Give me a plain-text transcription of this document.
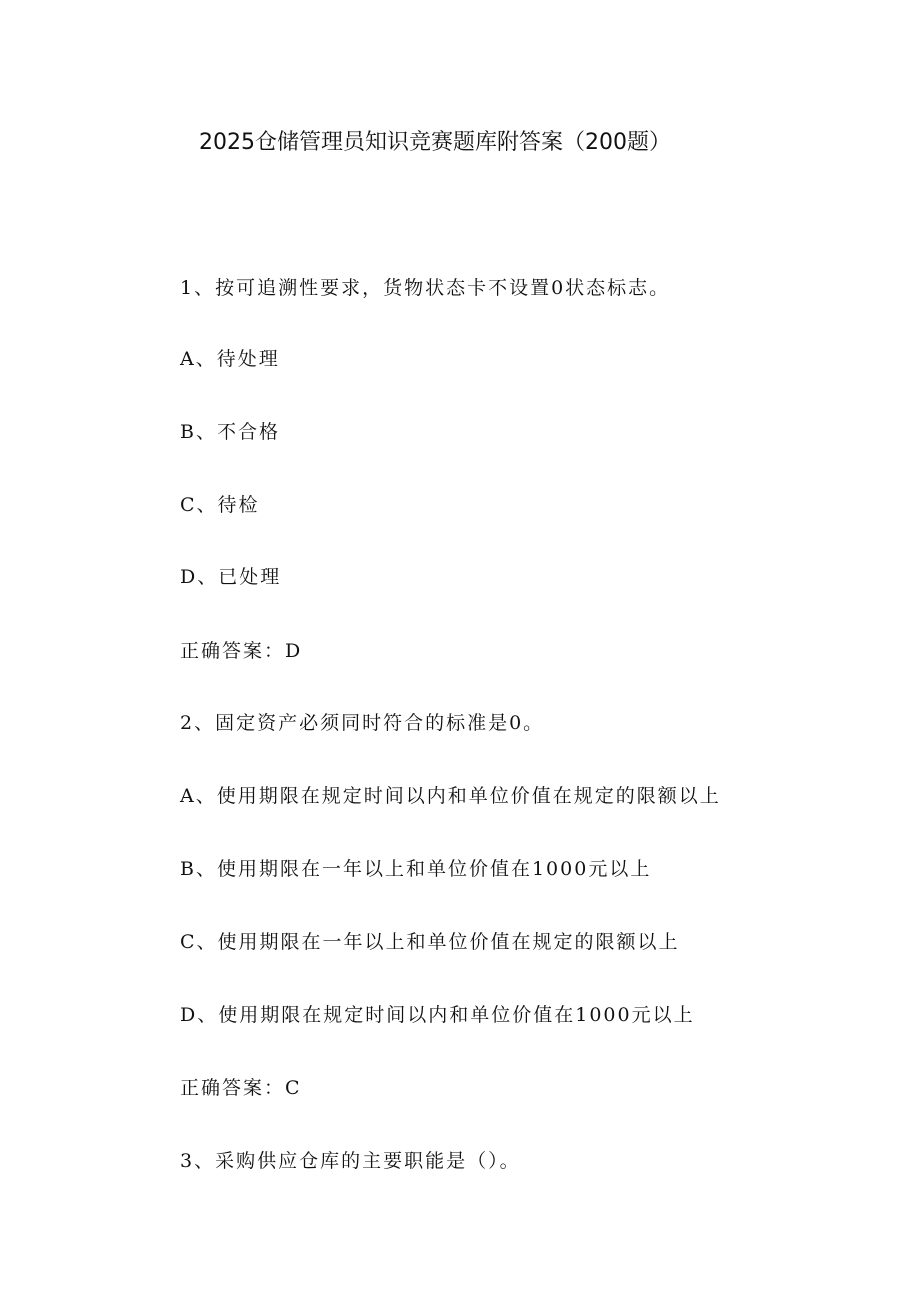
2025仓储管理员知识竞赛题库附答案（200题）
1、按可追溯性要求，货物状态卡不设置0状态标志。
A、待处理
B、不合格
C、待检
D、已处理
正确答案：D
2、固定资产必须同时符合的标准是0。
A、使用期限在规定时间以内和单位价值在规定的限额以上
B、使用期限在一年以上和单位价值在1000元以上
C、使用期限在一年以上和单位价值在规定的限额以上
D、使用期限在规定时间以内和单位价值在1000元以上
正确答案：C
3、采购供应仓库的主要职能是（）。
